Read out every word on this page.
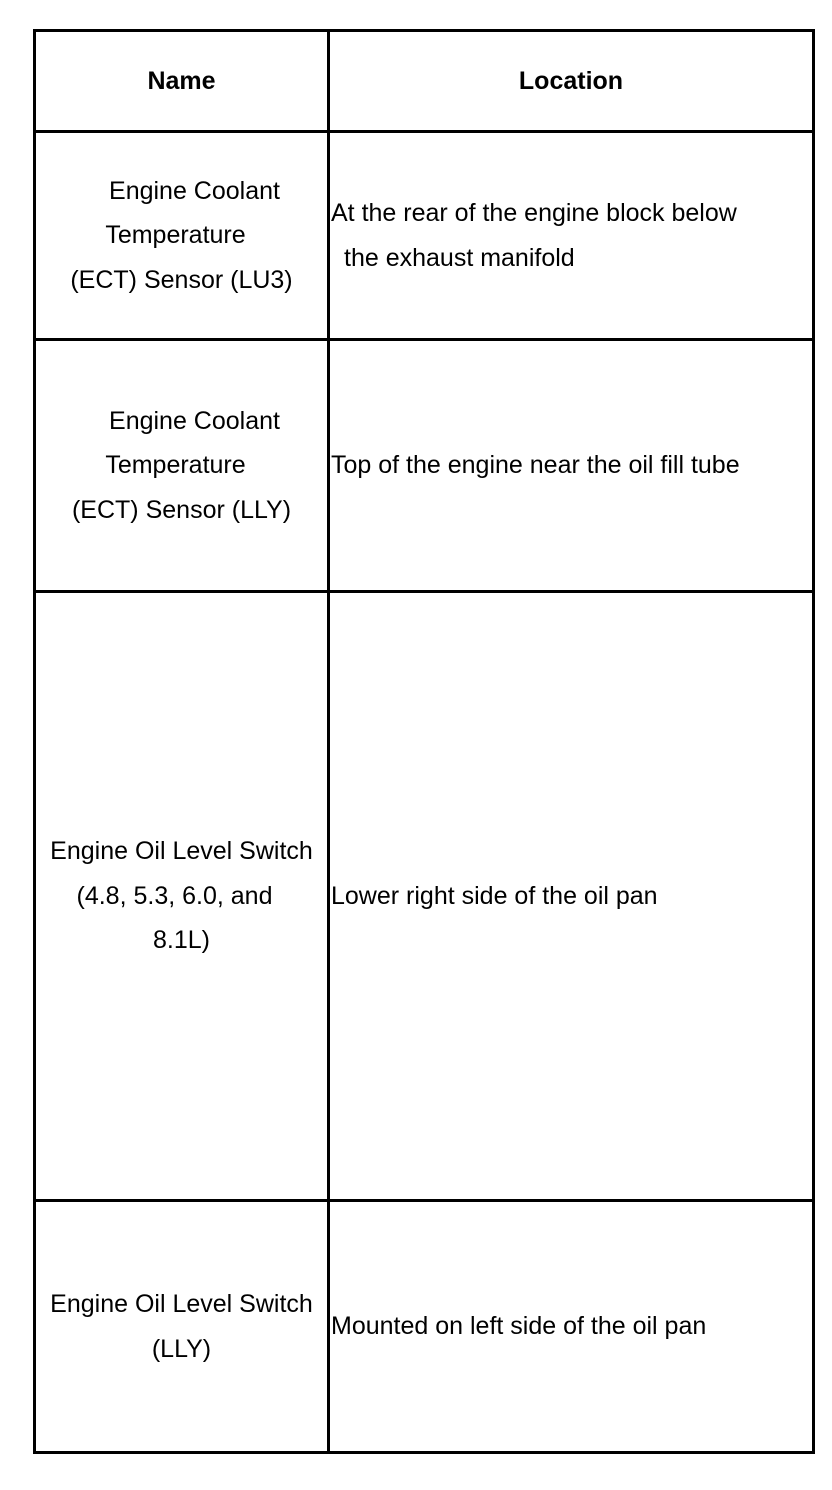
Name	Location

Engine Coolant
Temperature
(ECT) Sensor (LU3)	At the rear of the engine block below
the exhaust manifold

Engine Coolant
Temperature
(ECT) Sensor (LLY)	Top of the engine near the oil fill tube

Engine Oil Level Switch
(4.8, 5.3, 6.0, and
8.1L)	Lower right side of the oil pan

Engine Oil Level Switch
(LLY)	Mounted on left side of the oil pan
